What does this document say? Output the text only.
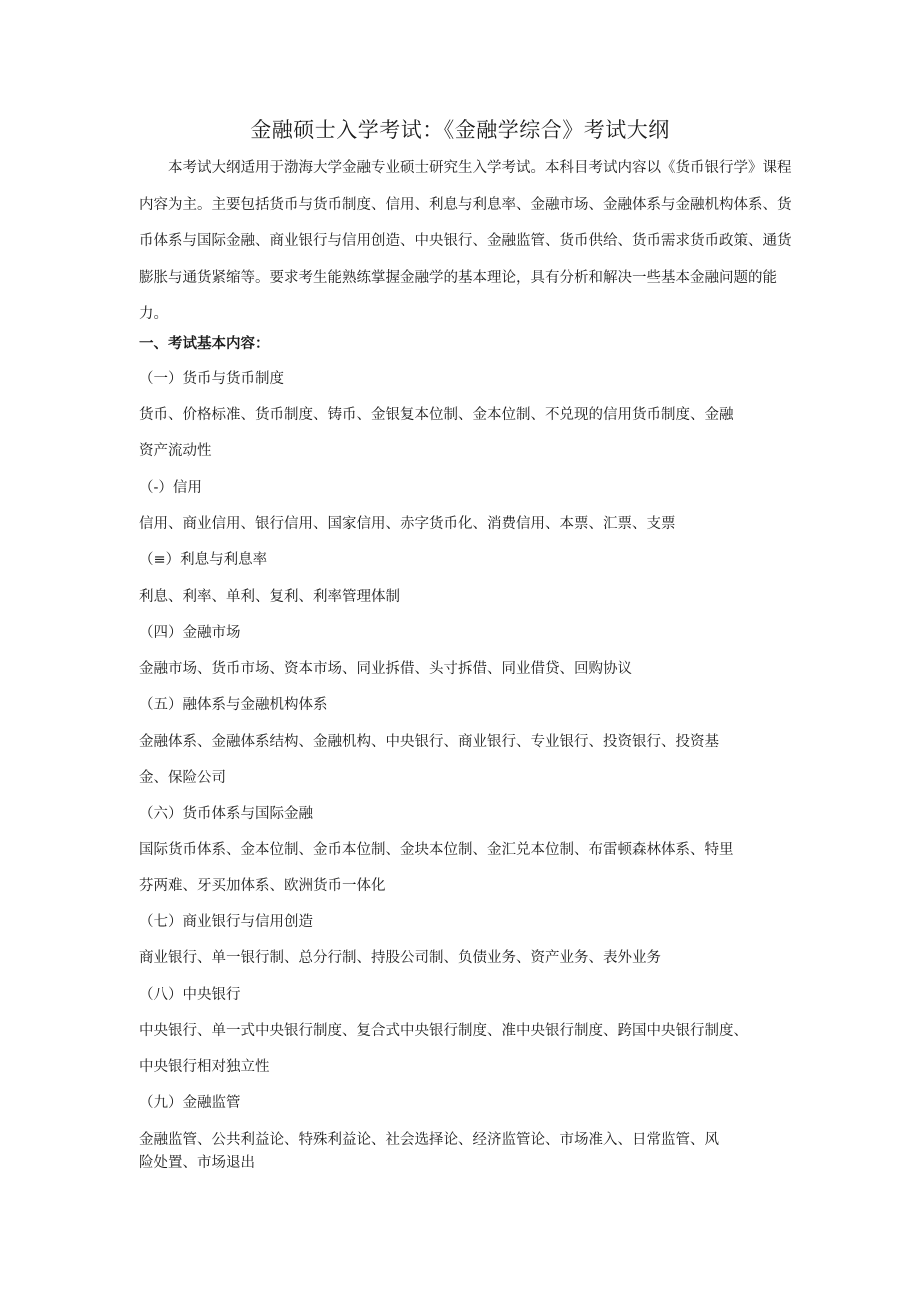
金融硕士入学考试：《金融学综合》考试大纲

本考试大纲适用于渤海大学金融专业硕士研究生入学考试。本科目考试内容以《货币银行学》课程内容为主。主要包括货币与货币制度、信用、利息与利息率、金融市场、金融体系与金融机构体系、货币体系与国际金融、商业银行与信用创造、中央银行、金融监管、货币供给、货币需求货币政策、通货膨胀与通货紧缩等。要求考生能熟练掌握金融学的基本理论，具有分析和解决一些基本金融问题的能力。

一、考试基本内容：

（一）货币与货币制度

货币、价格标准、货币制度、铸币、金银复本位制、金本位制、不兑现的信用货币制度、金融

资产流动性

（-）信用

信用、商业信用、银行信用、国家信用、赤字货币化、消费信用、本票、汇票、支票

（≡）利息与利息率

利息、利率、单利、复利、利率管理体制

（四）金融市场

金融市场、货币市场、资本市场、同业拆借、头寸拆借、同业借贷、回购协议

（五）融体系与金融机构体系

金融体系、金融体系结构、金融机构、中央银行、商业银行、专业银行、投资银行、投资基

金、保险公司

（六）货币体系与国际金融

国际货币体系、金本位制、金币本位制、金块本位制、金汇兑本位制、布雷顿森林体系、特里

芬两难、牙买加体系、欧洲货币一体化

（七）商业银行与信用创造

商业银行、单一银行制、总分行制、持股公司制、负债业务、资产业务、表外业务

（八）中央银行

中央银行、单一式中央银行制度、复合式中央银行制度、准中央银行制度、跨国中央银行制度、

中央银行相对独立性

（九）金融监管

金融监管、公共利益论、特殊利益论、社会选择论、经济监管论、市场准入、日常监管、风

险处置、市场退出
